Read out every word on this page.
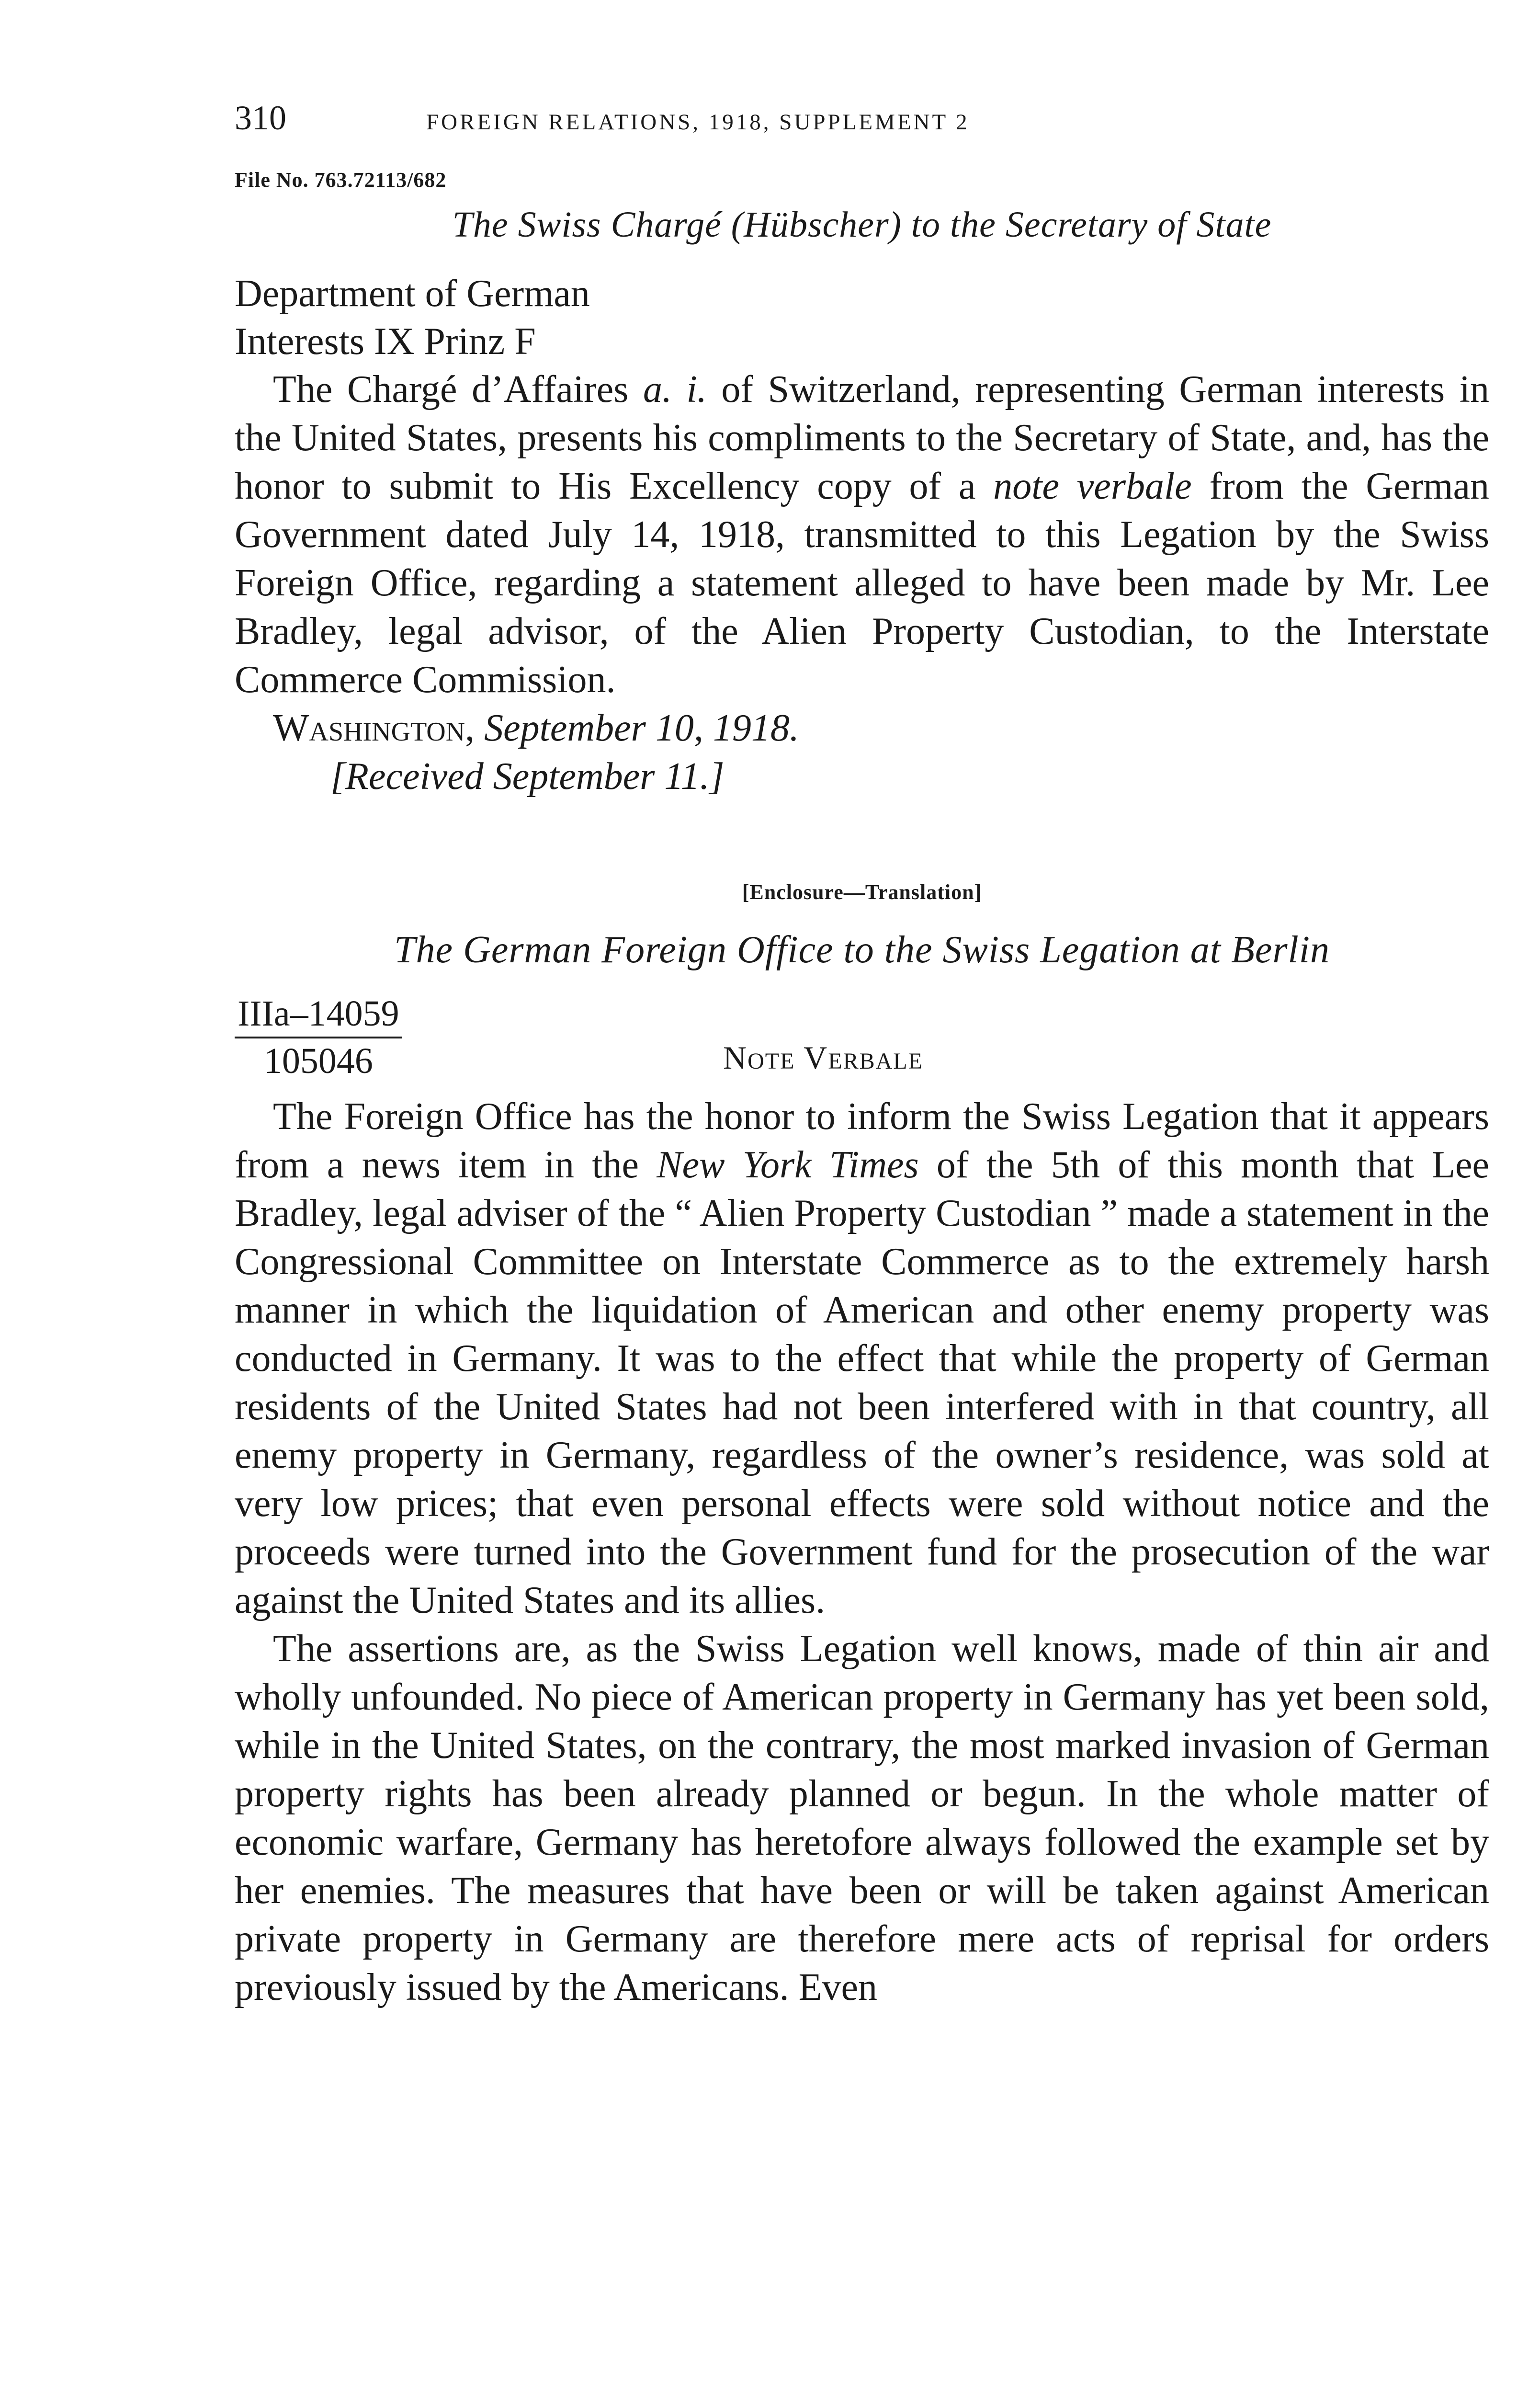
310	FOREIGN RELATIONS, 1918, SUPPLEMENT 2
File No. 763.72113/682
The Swiss Chargé (Hübscher) to the Secretary of State
Department of German
Interests IX Prinz F

The Chargé d’Affaires a. i. of Switzerland, representing German interests in the United States, presents his compliments to the Secretary of State, and, has the honor to submit to His Excellency copy of a note verbale from the German Government dated July 14, 1918, transmitted to this Legation by the Swiss Foreign Office, regarding a statement alleged to have been made by Mr. Lee Bradley, legal advisor, of the Alien Property Custodian, to the Interstate Commerce Commission.

Washington, September 10, 1918.
[Received September 11.]
[Enclosure—Translation]
The German Foreign Office to the Swiss Legation at Berlin
IIIa–14059
105046	Note Verbale

The Foreign Office has the honor to inform the Swiss Legation that it appears from a news item in the New York Times of the 5th of this month that Lee Bradley, legal adviser of the “ Alien Property Custodian ” made a statement in the Congressional Committee on Interstate Commerce as to the extremely harsh manner in which the liquidation of American and other enemy property was conducted in Germany. It was to the effect that while the property of German residents of the United States had not been interfered with in that country, all enemy property in Germany, regardless of the owner’s residence, was sold at very low prices; that even personal effects were sold without notice and the proceeds were turned into the Government fund for the prosecution of the war against the United States and its allies.

The assertions are, as the Swiss Legation well knows, made of thin air and wholly unfounded. No piece of American property in Germany has yet been sold, while in the United States, on the contrary, the most marked invasion of German property rights has been already planned or begun. In the whole matter of economic warfare, Germany has heretofore always followed the example set by her enemies. The measures that have been or will be taken against American private property in Germany are therefore mere acts of reprisal for orders previously issued by the Americans. Even
